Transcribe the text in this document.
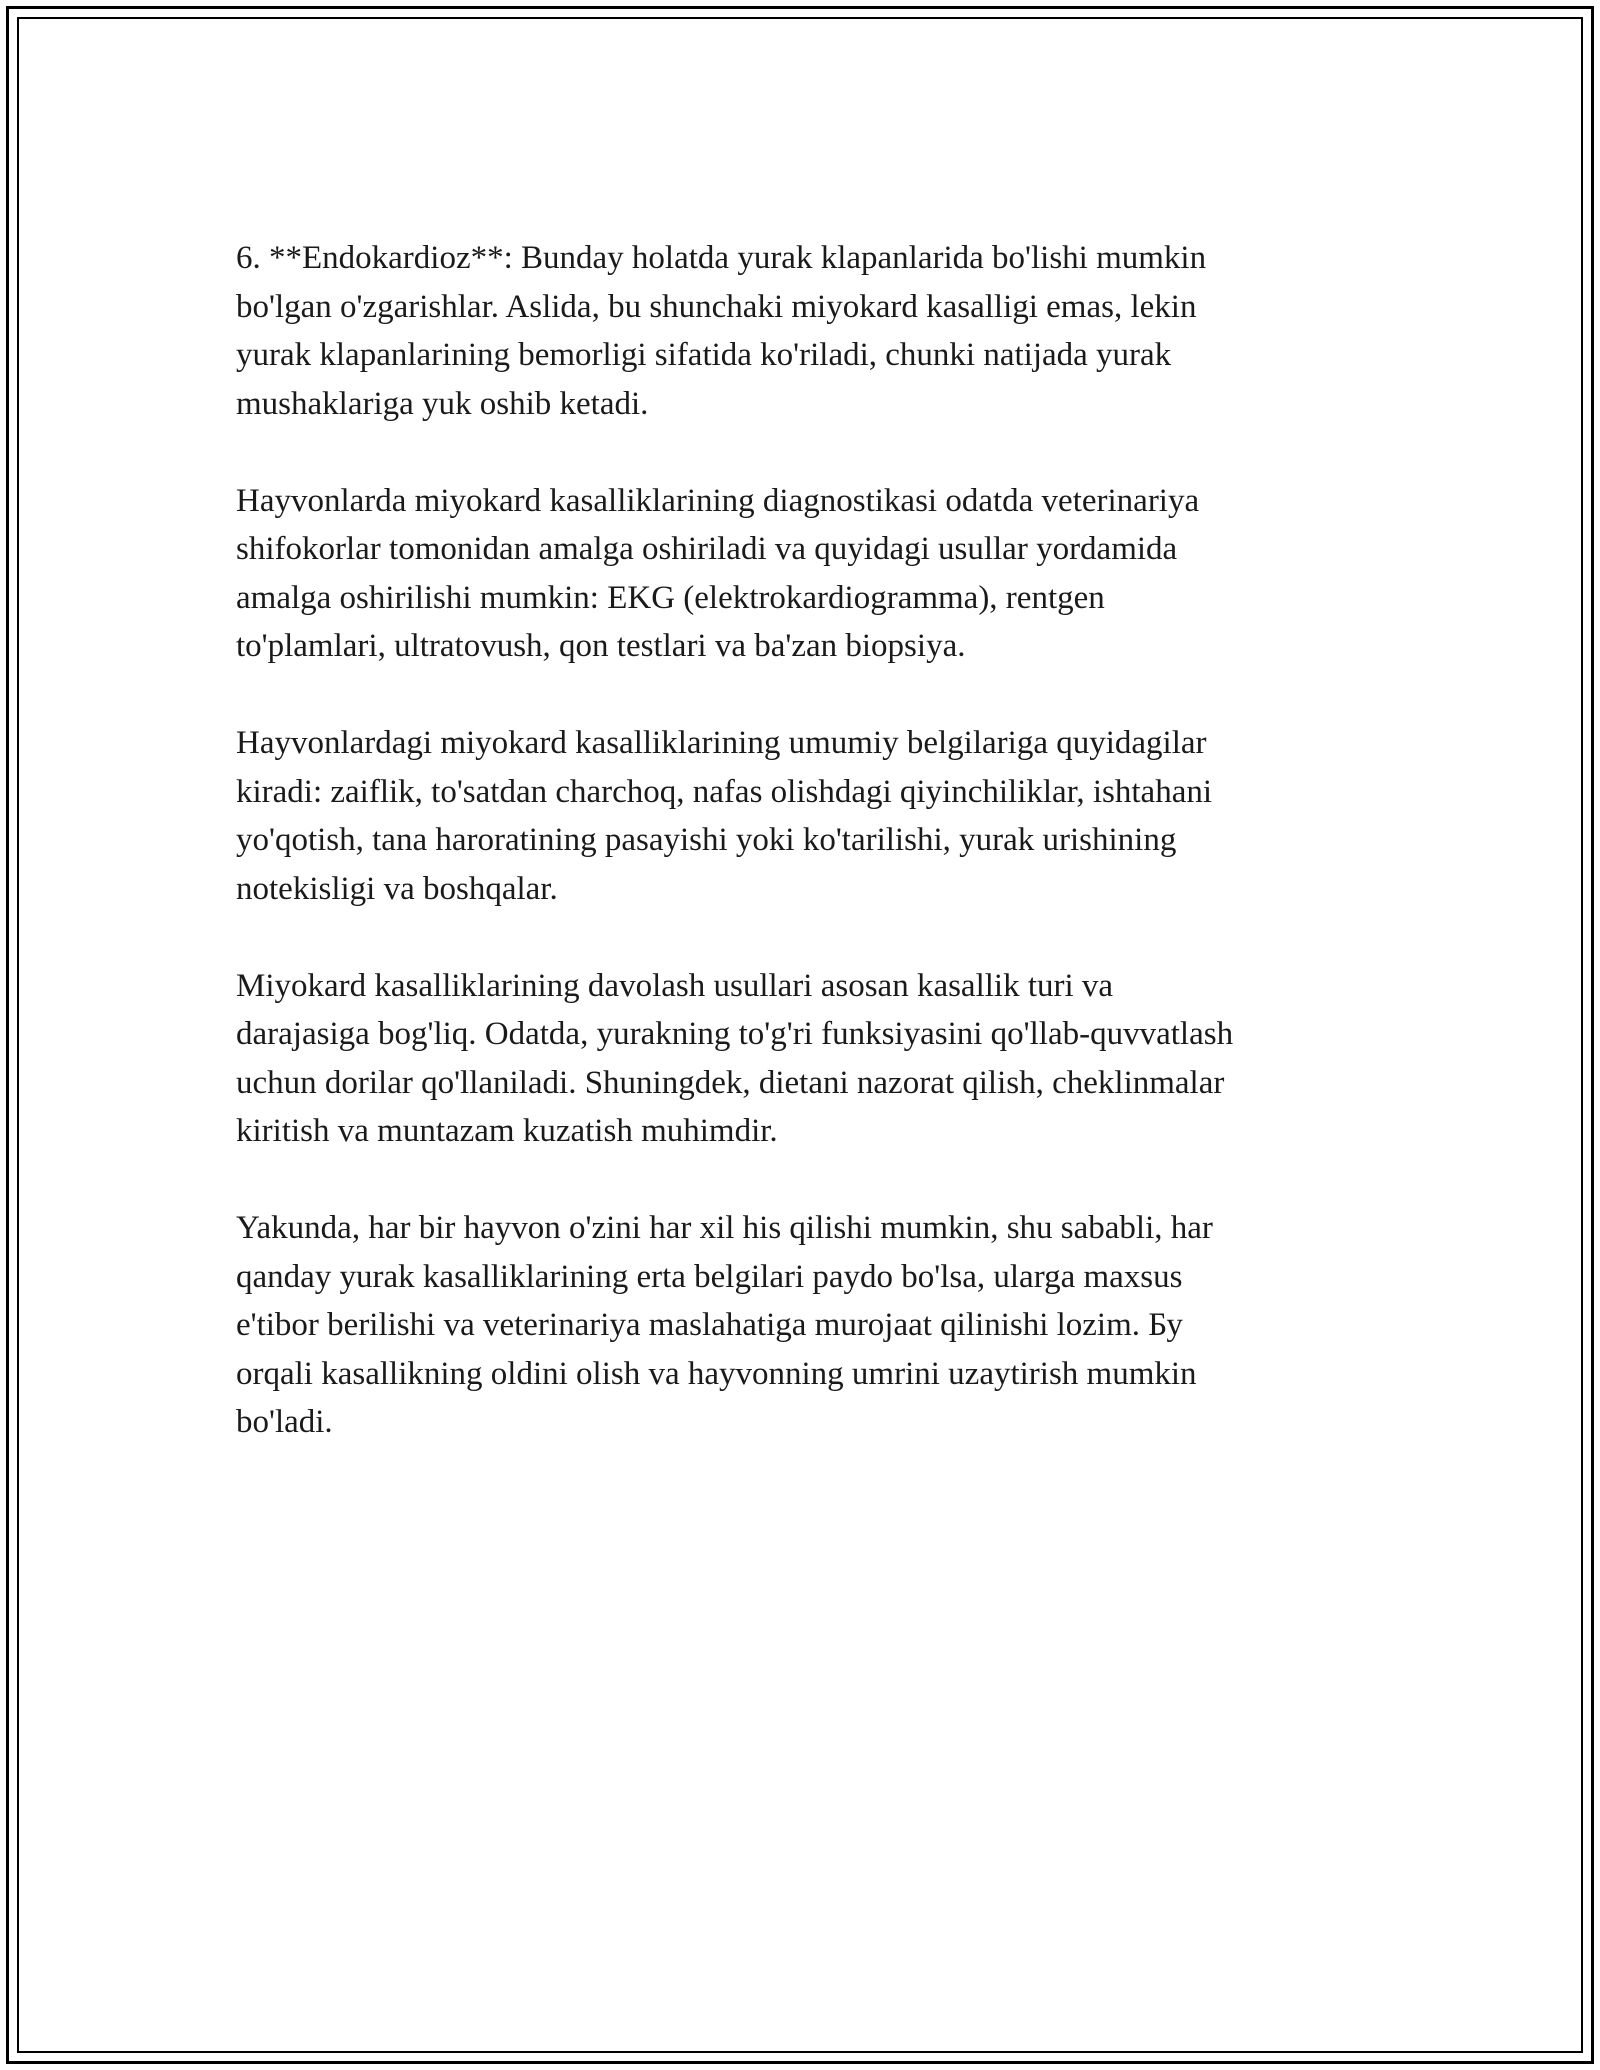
6. **Endokardioz**: Bunday holatda yurak klapanlarida bo'lishi mumkin
bo'lgan o'zgarishlar. Aslida, bu shunchaki miyokard kasalligi emas, lekin
yurak klapanlarining bemorligi sifatida ko'riladi, chunki natijada yurak
mushaklariga yuk oshib ketadi.

Hayvonlarda miyokard kasalliklarining diagnostikasi odatda veterinariya
shifokorlar tomonidan amalga oshiriladi va quyidagi usullar yordamida
amalga oshirilishi mumkin: EKG (elektrokardiogramma), rentgen
to'plamlari, ultratovush, qon testlari va ba'zan biopsiya.

Hayvonlardagi miyokard kasalliklarining umumiy belgilariga quyidagilar
kiradi: zaiflik, to'satdan charchoq, nafas olishdagi qiyinchiliklar, ishtahani
yo'qotish, tana haroratining pasayishi yoki ko'tarilishi, yurak urishining
notekisligi va boshqalar.

Miyokard kasalliklarining davolash usullari asosan kasallik turi va
darajasiga bog'liq. Odatda, yurakning to'g'ri funksiyasini qo'llab-quvvatlash
uchun dorilar qo'llaniladi. Shuningdek, dietani nazorat qilish, cheklinmalar
kiritish va muntazam kuzatish muhimdir.

Yakunda, har bir hayvon o'zini har xil his qilishi mumkin, shu sababli, har
qanday yurak kasalliklarining erta belgilari paydo bo'lsa, ularga maxsus
e'tibor berilishi va veterinariya maslahatiga murojaat qilinishi lozim. Бу
orqali kasallikning oldini olish va hayvonning umrini uzaytirish mumkin
bo'ladi.
